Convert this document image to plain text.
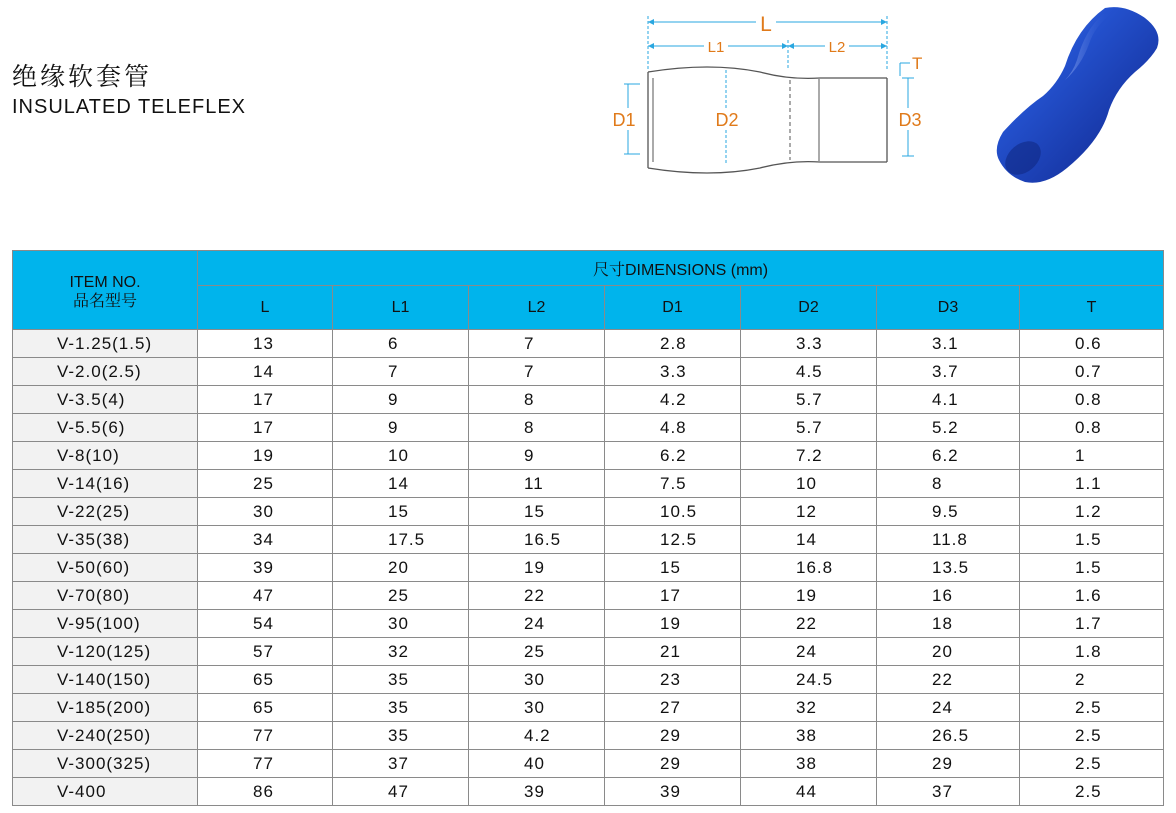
绝缘软套管
INSULATED TELEFLEX
L
L1	L2
T
D1	D2	D3
ITEM NO.
品名型号	尺寸DIMENSIONS (mm)						
	L	L1	L2	D1	D2	D3	T
V-1.25(1.5)	13	6	7	2.8	3.3	3.1	0.6
V-2.0(2.5)	14	7	7	3.3	4.5	3.7	0.7
V-3.5(4)	17	9	8	4.2	5.7	4.1	0.8
V-5.5(6)	17	9	8	4.8	5.7	5.2	0.8
V-8(10)	19	10	9	6.2	7.2	6.2	1
V-14(16)	25	14	11	7.5	10	8	1.1
V-22(25)	30	15	15	10.5	12	9.5	1.2
V-35(38)	34	17.5	16.5	12.5	14	11.8	1.5
V-50(60)	39	20	19	15	16.8	13.5	1.5
V-70(80)	47	25	22	17	19	16	1.6
V-95(100)	54	30	24	19	22	18	1.7
V-120(125)	57	32	25	21	24	20	1.8
V-140(150)	65	35	30	23	24.5	22	2
V-185(200)	65	35	30	27	32	24	2.5
V-240(250)	77	35	4.2	29	38	26.5	2.5
V-300(325)	77	37	40	29	38	29	2.5
V-400	86	47	39	39	44	37	2.5
